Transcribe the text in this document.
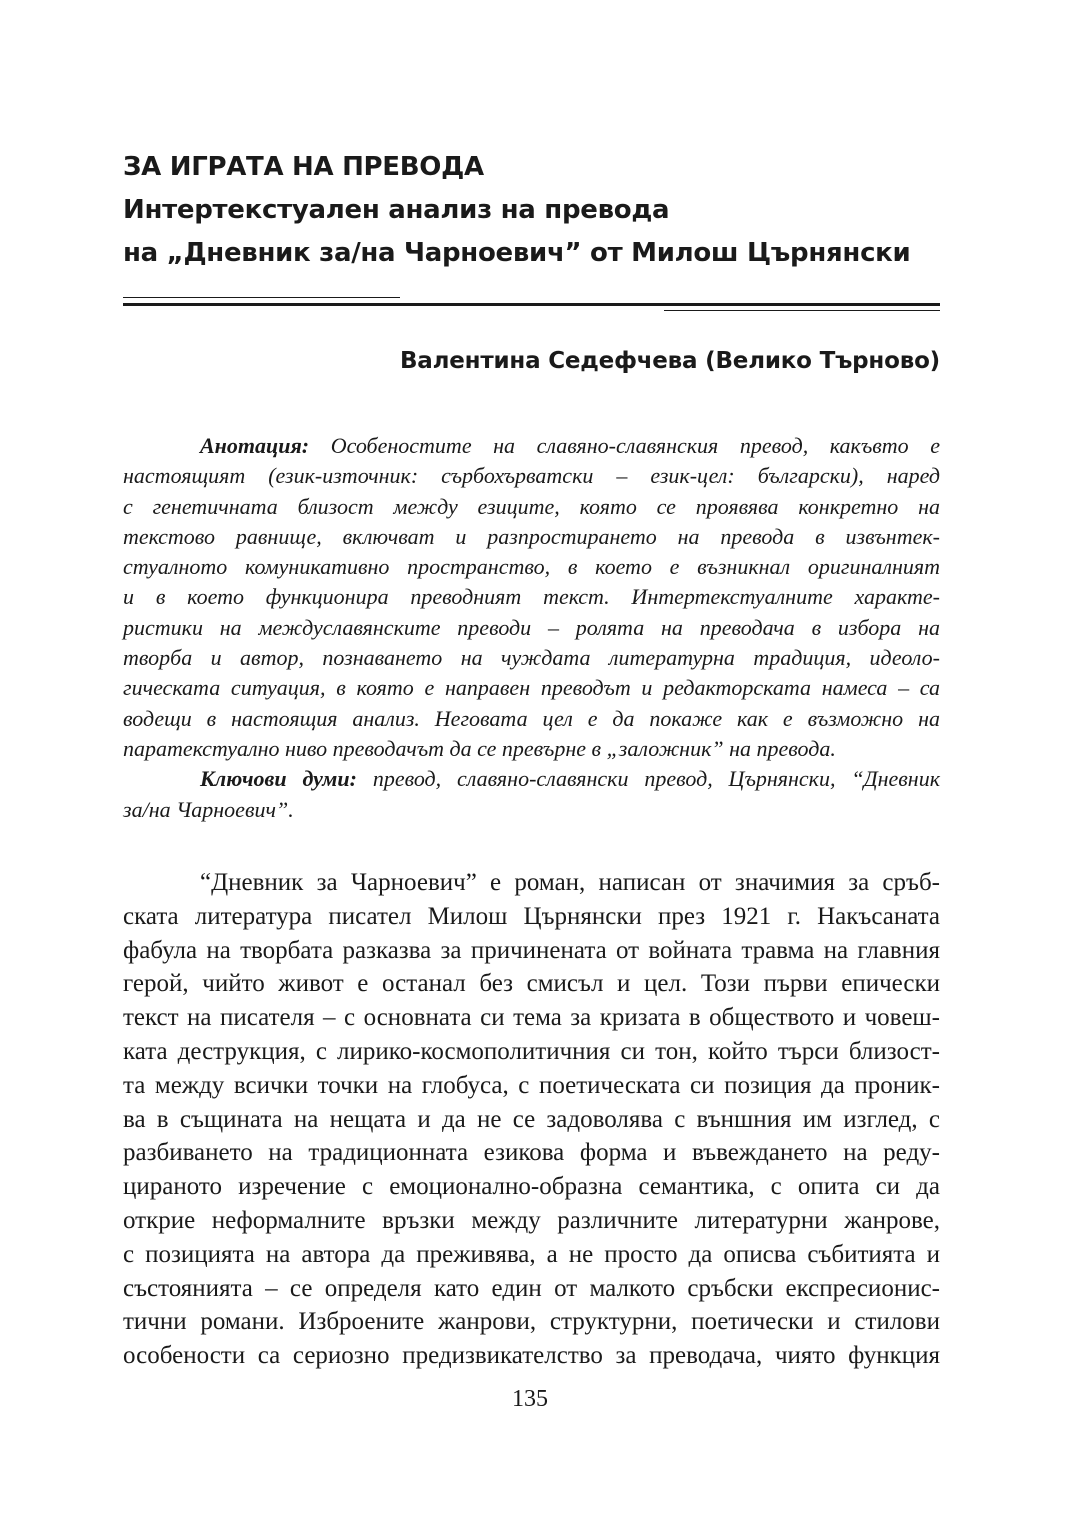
ЗА ИГРАТА НА ПРЕВОДА
Интертекстуален анализ на превода
на „Дневник за/на Чарноевич” от Милош Църнянски
Валентина Седефчева (Велико Търново)
Анотация: Особеностите на славяно-славянския превод, какъвто е
настоящият (език-източник: сърбохърватски – език-цел: български), наред
с генетичната близост между езиците, която се проявява конкретно на
текстово равнище, включват и разпростирането на превода в извънтек-
стуалното комуникативно пространство, в което е възникнал оригиналният
и в което функционира преводният текст. Интертекстуалните характе-
ристики на междуславянските преводи – ролята на преводача в избора на
творба и автор, познаването на чуждата литературна традиция, идеоло-
гическата ситуация, в която е направен преводът и редакторската намеса – са
водещи в настоящия анализ. Неговата цел е да покаже как е възможно на
паратекстуално ниво преводачът да се превърне в „заложник” на превода.
Ключови думи: превод, славяно-славянски превод, Църнянски, “Дневник
за/на Чарноевич”.
“Дневник за Чарноевич” е роман, написан от значимия за сръб-
ската литература писател Милош Църнянски през 1921 г. Накъсаната
фабула на творбата разказва за причинената от войната травма на главния
герой, чийто живот е останал без смисъл и цел. Този първи епически
текст на писателя – с основната си тема за кризата в обществото и човеш-
ката деструкция, с лирико-космополитичния си тон, който търси близост-
та между всички точки на глобуса, с поетическата си позиция да проник-
ва в същината на нещата и да не се задоволява с външния им изглед, с
разбиването на традиционната езикова форма и въвеждането на реду-
цираното изречение с емоционално-образна семантика, с опита си да
открие неформалните връзки между различните литературни жанрове,
с позицията на автора да преживява, а не просто да описва събитията и
състоянията – се определя като един от малкото сръбски експресионис-
тични романи. Изброените жанрови, структурни, поетически и стилови
особености са сериозно предизвикателство за преводача, чиято функция
135
